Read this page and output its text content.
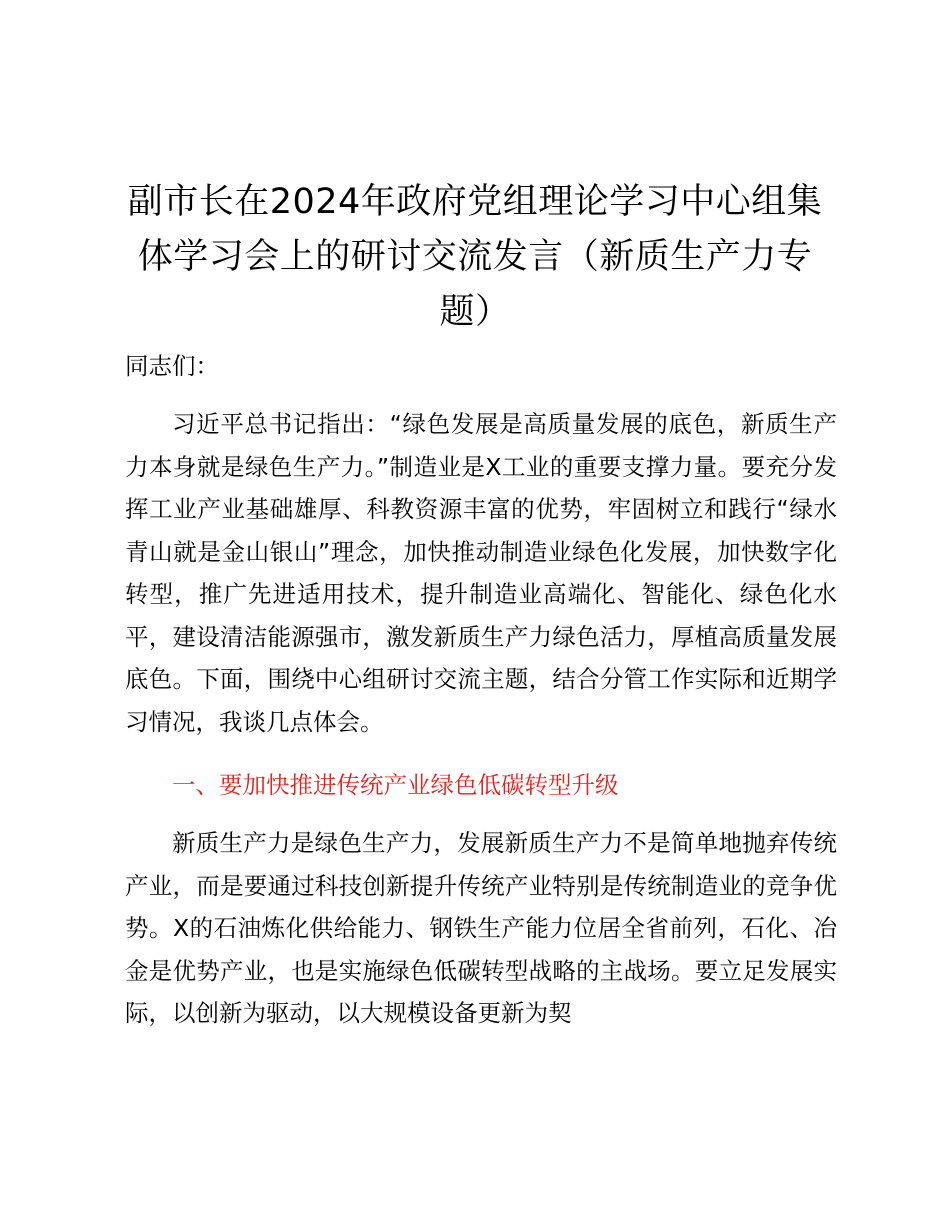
副市长在2024年政府党组理论学习中心组集体学习会上的研讨交流发言（新质生产力专题）

同志们：

习近平总书记指出：“绿色发展是高质量发展的底色，新质生产力本身就是绿色生产力。”制造业是X工业的重要支撑力量。要充分发挥工业产业基础雄厚、科教资源丰富的优势，牢固树立和践行“绿水青山就是金山银山”理念，加快推动制造业绿色化发展，加快数字化转型，推广先进适用技术，提升制造业高端化、智能化、绿色化水平，建设清洁能源强市，激发新质生产力绿色活力，厚植高质量发展底色。下面，围绕中心组研讨交流主题，结合分管工作实际和近期学习情况，我谈几点体会。

一、要加快推进传统产业绿色低碳转型升级

新质生产力是绿色生产力，发展新质生产力不是简单地抛弃传统产业，而是要通过科技创新提升传统产业特别是传统制造业的竞争优势。X的石油炼化供给能力、钢铁生产能力位居全省前列，石化、冶金是优势产业，也是实施绿色低碳转型战略的主战场。要立足发展实际，以创新为驱动，以大规模设备更新为契
